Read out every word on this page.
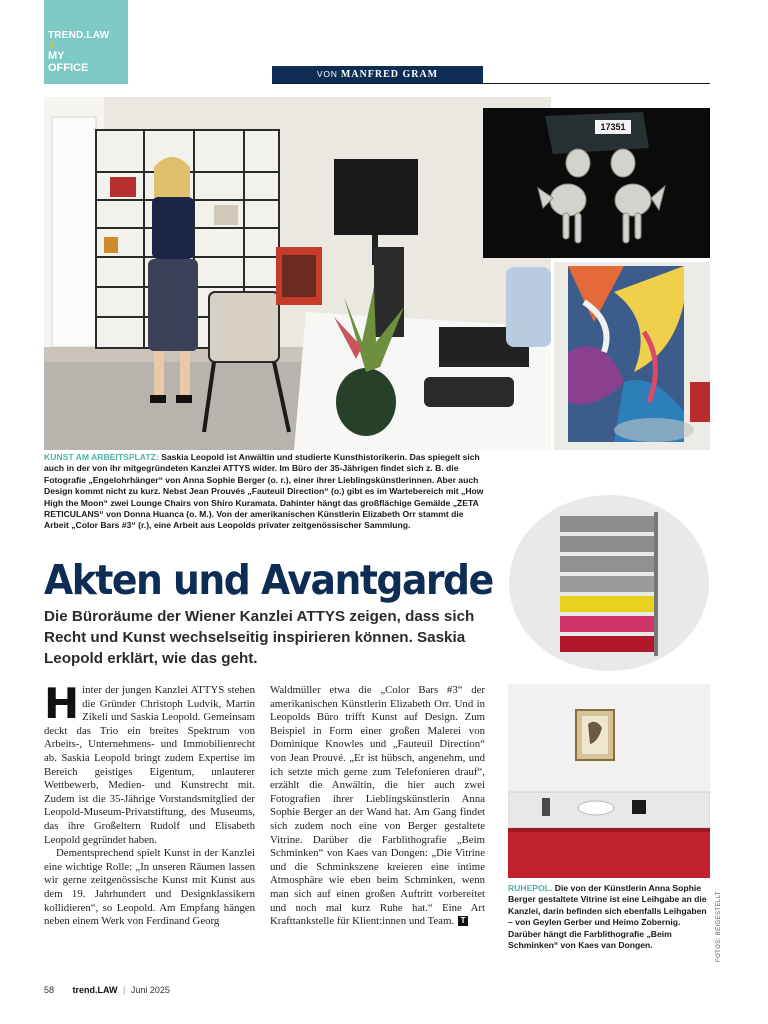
TREND.LAW
↓
MY
OFFICE	VON MANFRED GRAM
17351
KUNST AM ARBEITSPLATZ: Saskia Leopold ist Anwältin und studierte Kunsthistorikerin. Das spiegelt sich auch in der von ihr mitgegründeten Kanzlei ATTYS wider. Im Büro der 35-Jährigen findet sich z. B. die Fotografie „Engelohrhänger“ von Anna Sophie Berger (o. r.), einer ihrer Lieblingskünstlerinnen. Aber auch Design kommt nicht zu kurz. Nebst Jean Prouvés „Fauteuil Direction“ (o.) gibt es im Wartebereich mit „How High the Moon“ zwei Lounge Chairs von Shiro Kuramata. Dahinter hängt das großflächige Gemälde „ZETA RETICULANS“ von Donna Huanca (o. M.). Von der amerikanischen Künstlerin Elizabeth Orr stammt die Arbeit „Color Bars #3“ (r.), eine Arbeit aus Leopolds privater zeitgenössischer Sammlung.
Akten und Avantgarde
Die Büroräume der Wiener Kanzlei ATTYS zeigen, dass sich Recht und Kunst wechselseitig inspirieren können. Saskia Leopold erklärt, wie das geht.

Hinter der jungen Kanzlei ATTYS stehen die Gründer Christoph Ludvik, Martin Zikeli und Saskia Leopold. Gemeinsam deckt das Trio ein breites Spektrum von Arbeits-, Unternehmens- und Immobilienrecht ab. Saskia Leopold bringt zudem Expertise im Bereich geistiges Eigentum, unlauterer Wettbewerb, Medien- und Kunstrecht mit. Zudem ist die 35-Jährige Vorstandsmitglied der Leopold-Museum-Privatstiftung, des Museums, das ihre Großeltern Rudolf und Elisabeth Leopold gegründet haben.

Dementsprechend spielt Kunst in der Kanzlei eine wichtige Rolle: „In unseren Räumen lassen wir gerne zeitgenössische Kunst mit Kunst aus dem 19. Jahrhundert und Designklassikern kollidieren“, so Leopold. Am Empfang hängen neben einem Werk von Ferdinand Georg

Waldmüller etwa die „Color Bars #3“ der amerikanischen Künstlerin Elizabeth Orr. Und in Leopolds Büro trifft Kunst auf Design. Zum Beispiel in Form einer großen Malerei von Dominique Knowles und „Fauteuil Direction“ von Jean Prouvé. „Er ist hübsch, angenehm, und ich setzte mich gerne zum Telefonieren drauf“, erzählt die Anwältin, die hier auch zwei Fotografien ihrer Lieblingskünstlerin Anna Sophie Berger an der Wand hat. Am Gang findet sich zudem noch eine von Berger gestaltete Vitrine. Darüber die Farblithografie „Beim Schminken“ von Kaes van Dongen: „Die Vitrine und die Schminkszene kreieren eine intime Atmosphäre wie eben beim Schminken, wenn man sich auf einen großen Auftritt vorbereitet und noch mal kurz Ruhe hat.“ Eine Art Krafttankstelle für Klient:innen und Team. T

RUHEPOL. Die von der Künstlerin Anna Sophie Berger gestaltete Vitrine ist eine Leihgabe an die Kanzlei, darin befinden sich ebenfalls Leihgaben – von Geylen Gerber und Heimo Zobernig. Darüber hängt die Farblithografie „Beim Schminken“ von Kaes van Dongen.	FOTOS: BEIGESTELLT
58 trend.LAW | Juni 2025
